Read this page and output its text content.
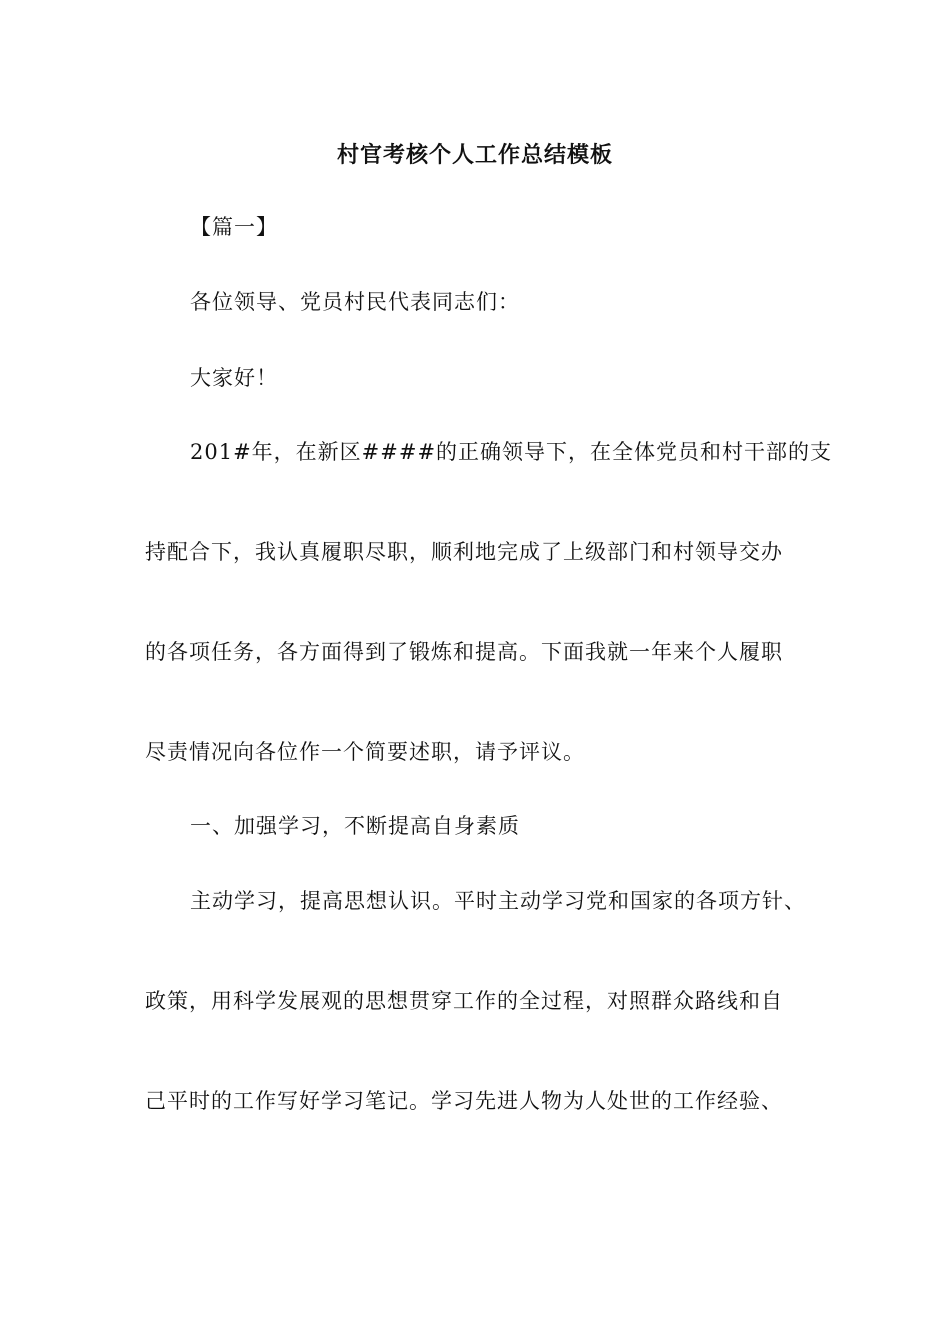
村官考核个人工作总结模板
【篇一】
各位领导、党员村民代表同志们：
大家好！
201#年，在新区####的正确领导下，在全体党员和村干部的支
持配合下，我认真履职尽职，顺利地完成了上级部门和村领导交办
的各项任务，各方面得到了锻炼和提高。下面我就一年来个人履职
尽责情况向各位作一个简要述职，请予评议。
一、加强学习，不断提高自身素质
主动学习，提高思想认识。平时主动学习党和国家的各项方针、
政策，用科学发展观的思想贯穿工作的全过程，对照群众路线和自
己平时的工作写好学习笔记。学习先进人物为人处世的工作经验、
